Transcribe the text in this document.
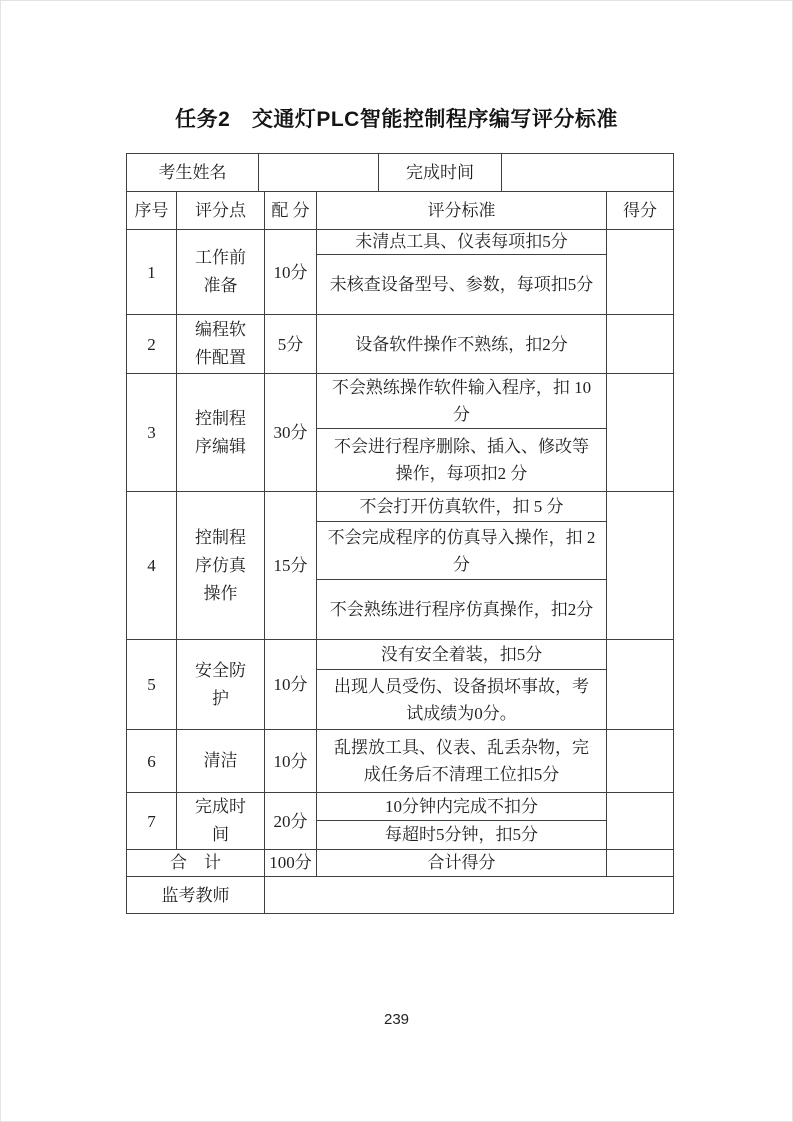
任务2　交通灯PLC智能控制程序编写评分标准
考生姓名		完成时间	
序号	评分点	配 分	评分标准	得分
1	工作前准备	10分	未清点工具、仪表每项扣5分	
			未核查设备型号、参数，每项扣5分	
2	编程软件配置	5分	设备软件操作不熟练，扣2分	
3	控制程序编辑	30分	不会熟练操作软件输入程序，扣 10 分	
			不会进行程序删除、插入、修改等操作，每项扣2 分	
4	控制程序仿真操作	15分	不会打开仿真软件，扣 5 分	
			不会完成程序的仿真导入操作，扣 2分	
			不会熟练进行程序仿真操作，扣2分	
5	安全防护	10分	没有安全着装，扣5分	
			出现人员受伤、设备损坏事故，考试成绩为0分。	
6	清洁	10分	乱摆放工具、仪表、乱丢杂物，完成任务后不清理工位扣5分	
7	完成时间	20分	10分钟内完成不扣分	
			每超时5分钟，扣5分	
合　计		100分	合计得分	
监考教师				
239
